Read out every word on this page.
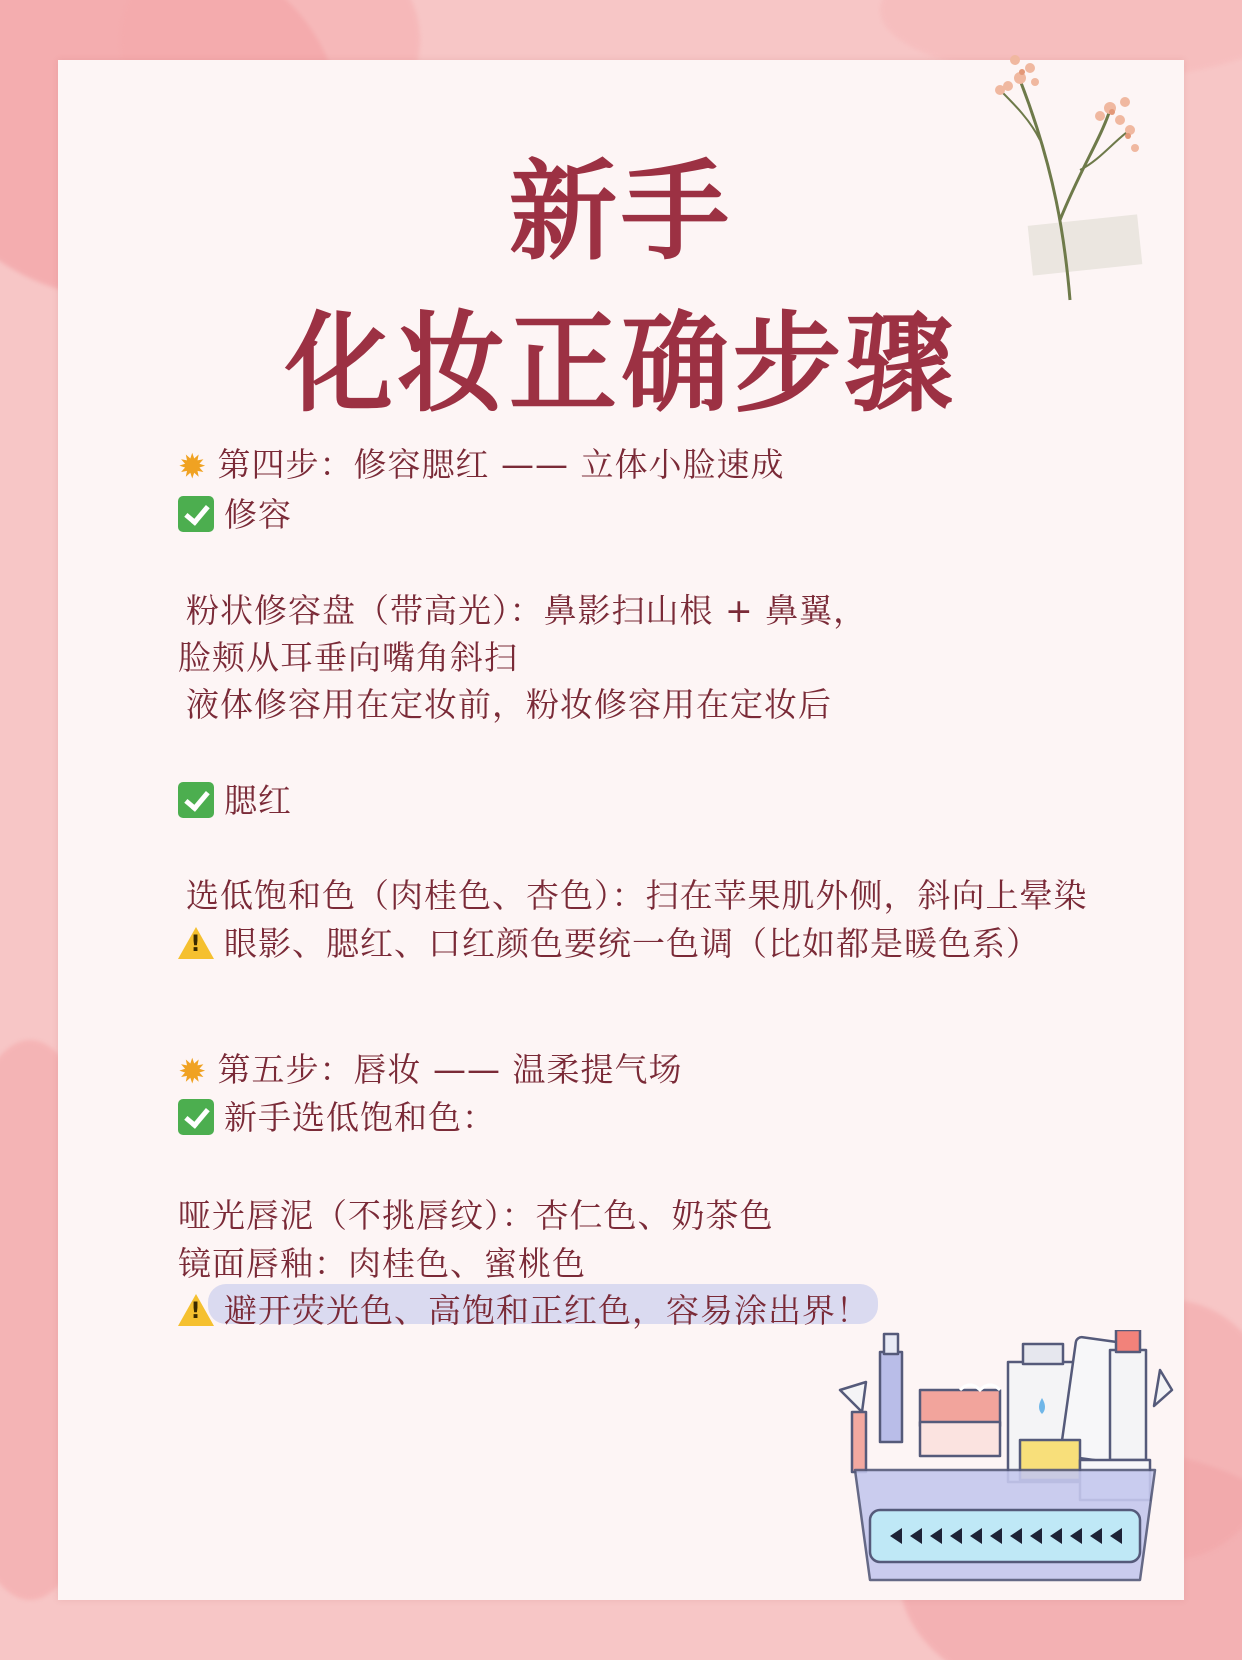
新手
化妆正确步骤
✹ 第四步：修容腮红 —— 立体小脸速成
修容
粉状修容盘（带高光）：鼻影扫山根 + 鼻翼，
脸颊从耳垂向嘴角斜扫
液体修容用在定妆前，粉妆修容用在定妆后
腮红
选低饱和色（肉桂色、杏色）：扫在苹果肌外侧，斜向上晕染
!眼影、腮红、口红颜色要统一色调（比如都是暖色系）
✹ 第五步：唇妆 —— 温柔提气场
新手选低饱和色：
哑光唇泥（不挑唇纹）：杏仁色、奶茶色
镜面唇釉：肉桂色、蜜桃色
!避开荧光色、高饱和正红色，容易涂出界！
